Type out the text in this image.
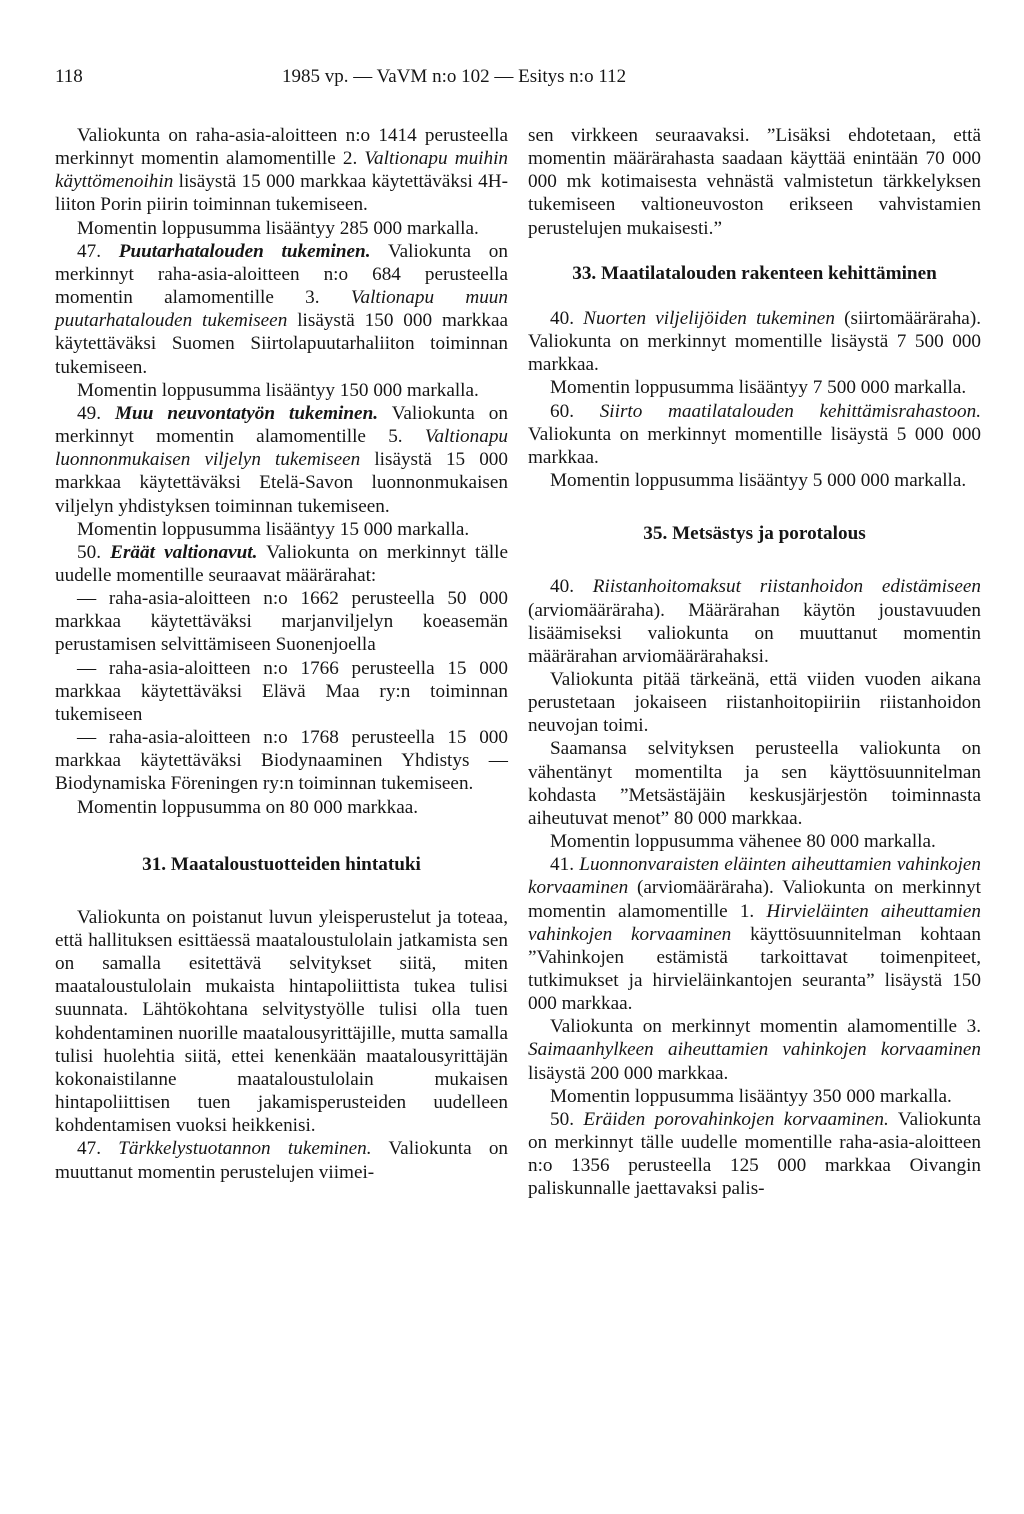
118	1985 vp. — VaVM n:o 102 — Esitys n:o 112

Valiokunta on raha-asia-aloitteen n:o 1414 perusteella merkinnyt momentin alamomentille 2. Valtionapu muihin käyttömenoihin lisäystä 15 000 markkaa käytettäväksi 4H-liiton Porin piirin toiminnan tukemiseen.

Momentin loppusumma lisääntyy 285 000 markalla.

47. Puutarhatalouden tukeminen. Valiokunta on merkinnyt raha-asia-aloitteen n:o 684 perusteella momentin alamomentille 3. Valtionapu muun puutarhatalouden tukemiseen lisäystä 150 000 markkaa käytettäväksi Suomen Siirtolapuutarhaliiton toiminnan tukemiseen.

Momentin loppusumma lisääntyy 150 000 markalla.

49. Muu neuvontatyön tukeminen. Valiokunta on merkinnyt momentin alamomentille 5. Valtionapu luonnonmukaisen viljelyn tukemiseen lisäystä 15 000 markkaa käytettäväksi Etelä-Savon luonnonmukaisen viljelyn yhdistyksen toiminnan tukemiseen.

Momentin loppusumma lisääntyy 15 000 markalla.

50. Eräät valtionavut. Valiokunta on merkinnyt tälle uudelle momentille seuraavat määrärahat:

— raha-asia-aloitteen n:o 1662 perusteella 50 000 markkaa käytettäväksi marjanviljelyn koeasemän perustamisen selvittämiseen Suonenjoella

— raha-asia-aloitteen n:o 1766 perusteella 15 000 markkaa käytettäväksi Elävä Maa ry:n toiminnan tukemiseen

— raha-asia-aloitteen n:o 1768 perusteella 15 000 markkaa käytettäväksi Biodynaaminen Yhdistys — Biodynamiska Föreningen ry:n toiminnan tukemiseen.

Momentin loppusumma on 80 000 markkaa.

31. Maataloustuotteiden hintatuki

Valiokunta on poistanut luvun yleisperustelut ja toteaa, että hallituksen esittäessä maataloustulolain jatkamista sen on samalla esitettävä selvitykset siitä, miten maataloustulolain mukaista hintapoliittista tukea tulisi suunnata. Lähtökohtana selvitystyölle tulisi olla tuen kohdentaminen nuorille maatalousyrittäjille, mutta samalla tulisi huolehtia siitä, ettei kenenkään maatalousyrittäjän kokonaistilanne maataloustulolain mukaisen hintapoliittisen tuen jakamisperusteiden uudelleen kohdentamisen vuoksi heikkenisi.

47. Tärkkelystuotannon tukeminen. Valiokunta on muuttanut momentin perustelujen viimei-

sen virkkeen seuraavaksi. ”Lisäksi ehdotetaan, että momentin määrärahasta saadaan käyttää enintään 70 000 000 mk kotimaisesta vehnästä valmistetun tärkkelyksen tukemiseen valtioneuvoston erikseen vahvistamien perustelujen mukaisesti.”

33. Maatilatalouden rakenteen kehittäminen

40. Nuorten viljelijöiden tukeminen (siirtomääräraha). Valiokunta on merkinnyt momentille lisäystä 7 500 000 markkaa.

Momentin loppusumma lisääntyy 7 500 000 markalla.

60. Siirto maatilatalouden kehittämisrahastoon. Valiokunta on merkinnyt momentille lisäystä 5 000 000 markkaa.

Momentin loppusumma lisääntyy 5 000 000 markalla.

35. Metsästys ja porotalous

40. Riistanhoitomaksut riistanhoidon edistämiseen (arviomääräraha). Määrärahan käytön joustavuuden lisäämiseksi valiokunta on muuttanut momentin määrärahan arviomäärärahaksi.

Valiokunta pitää tärkeänä, että viiden vuoden aikana perustetaan jokaiseen riistanhoitopiiriin riistanhoidon neuvojan toimi.

Saamansa selvityksen perusteella valiokunta on vähentänyt momentilta ja sen käyttösuunnitelman kohdasta ”Metsästäjäin keskusjärjestön toiminnasta aiheutuvat menot” 80 000 markkaa.

Momentin loppusumma vähenee 80 000 markalla.

41. Luonnonvaraisten eläinten aiheuttamien vahinkojen korvaaminen (arviomääräraha). Valiokunta on merkinnyt momentin alamomentille 1. Hirvieläinten aiheuttamien vahinkojen korvaaminen käyttösuunnitelman kohtaan ”Vahinkojen estämistä tarkoittavat toimenpiteet, tutkimukset ja hirvieläinkantojen seuranta” lisäystä 150 000 markkaa.

Valiokunta on merkinnyt momentin alamomentille 3. Saimaanhylkeen aiheuttamien vahinkojen korvaaminen lisäystä 200 000 markkaa.

Momentin loppusumma lisääntyy 350 000 markalla.

50. Eräiden porovahinkojen korvaaminen. Valiokunta on merkinnyt tälle uudelle momentille raha-asia-aloitteen n:o 1356 perusteella 125 000 markkaa Oivangin paliskunnalle jaettavaksi palis-
